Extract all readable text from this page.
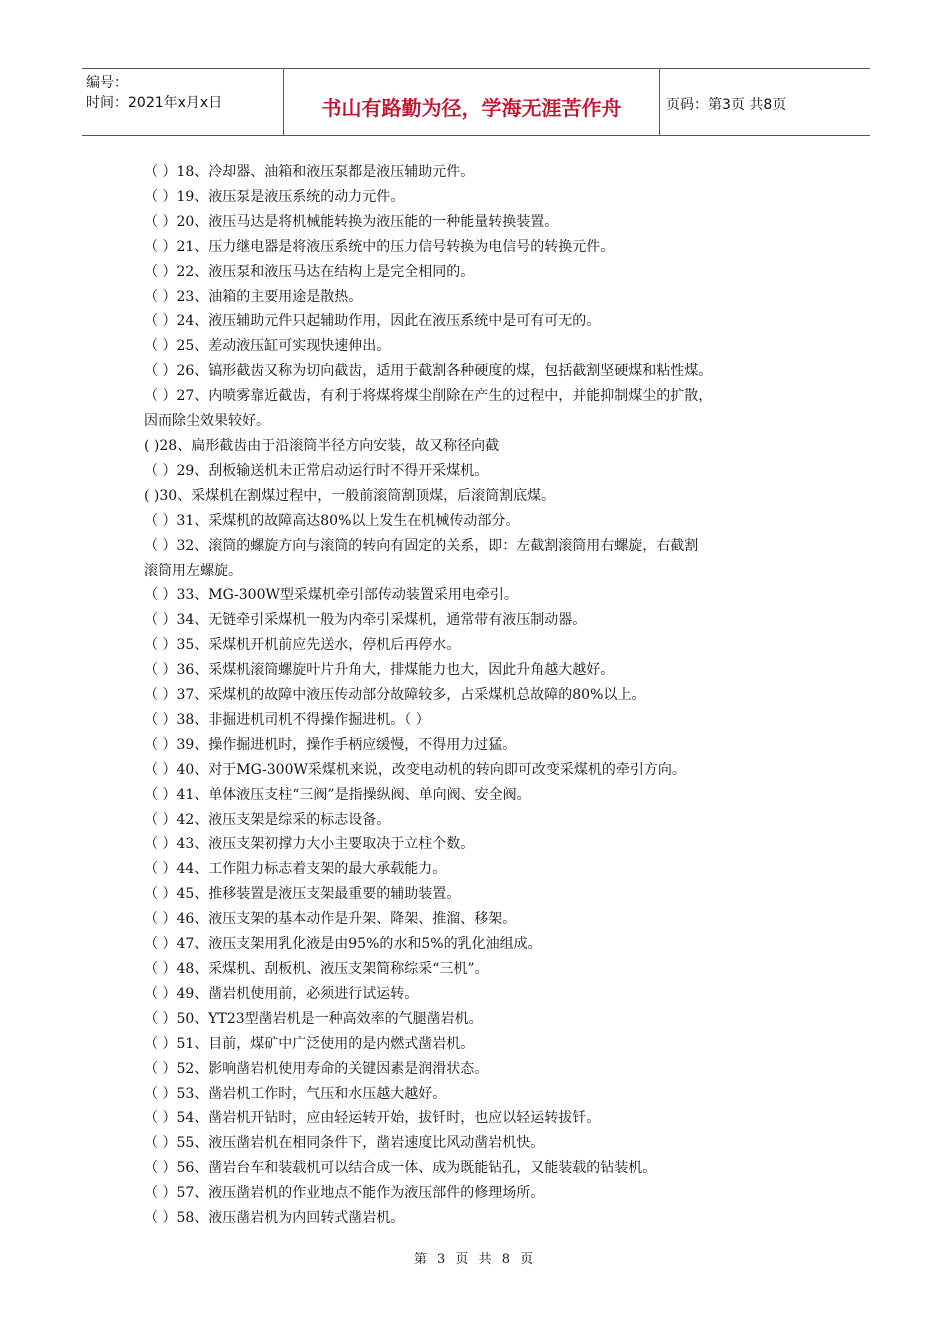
编号：
时间：2021年x月x日	书山有路勤为径，学海无涯苦作舟	页码：第3页 共8页
（ ）18、冷却器、油箱和液压泵都是液压辅助元件。
（ ）19、液压泵是液压系统的动力元件。
（ ）20、液压马达是将机械能转换为液压能的一种能量转换装置。
（ ）21、压力继电器是将液压系统中的压力信号转换为电信号的转换元件。
（ ）22、液压泵和液压马达在结构上是完全相同的。
（ ）23、油箱的主要用途是散热。
（ ）24、液压辅助元件只起辅助作用，因此在液压系统中是可有可无的。
（ ）25、差动液压缸可实现快速伸出。
（ ）26、镐形截齿又称为切向截齿，适用于截割各种硬度的煤，包括截割坚硬煤和粘性煤。
（ ）27、内喷雾靠近截齿，有利于将煤将煤尘削除在产生的过程中，并能抑制煤尘的扩散，
因而除尘效果较好。
( )28、扁形截齿由于沿滚筒半径方向安装，故又称径向截
（ ）29、刮板输送机未正常启动运行时不得开采煤机。
( )30、采煤机在割煤过程中，一般前滚筒割顶煤，后滚筒割底煤。
（ ）31、采煤机的故障高达80%以上发生在机械传动部分。
（ ）32、滚筒的螺旋方向与滚筒的转向有固定的关系，即：左截割滚筒用右螺旋，右截割
滚筒用左螺旋。
（ ）33、MG-300W型采煤机牵引部传动装置采用电牵引。
（ ）34、无链牵引采煤机一般为内牵引采煤机，通常带有液压制动器。
（ ）35、采煤机开机前应先送水，停机后再停水。
（ ）36、采煤机滚筒螺旋叶片升角大，排煤能力也大，因此升角越大越好。
（ ）37、采煤机的故障中液压传动部分故障较多，占采煤机总故障的80%以上。
（ ）38、非掘进机司机不得操作掘进机。（ ）
（ ）39、操作掘进机时，操作手柄应缓慢，不得用力过猛。
（ ）40、对于MG-300W采煤机来说，改变电动机的转向即可改变采煤机的牵引方向。
（ ）41、单体液压支柱“三阀”是指操纵阀、单向阀、安全阀。
（ ）42、液压支架是综采的标志设备。
（ ）43、液压支架初撑力大小主要取决于立柱个数。
（ ）44、工作阻力标志着支架的最大承载能力。
（ ）45、推移装置是液压支架最重要的辅助装置。
（ ）46、液压支架的基本动作是升架、降架、推溜、移架。
（ ）47、液压支架用乳化液是由95%的水和5%的乳化油组成。
（ ）48、采煤机、刮板机、液压支架简称综采“三机”。
（ ）49、凿岩机使用前，必须进行试运转。
（ ）50、YT23型凿岩机是一种高效率的气腿凿岩机。
（ ）51、目前，煤矿中广泛使用的是内燃式凿岩机。
（ ）52、影响凿岩机使用寿命的关键因素是润滑状态。
（ ）53、凿岩机工作时，气压和水压越大越好。
（ ）54、凿岩机开钻时，应由轻运转开始，拔钎时，也应以轻运转拔钎。
（ ）55、液压凿岩机在相同条件下，凿岩速度比风动凿岩机快。
（ ）56、凿岩台车和装载机可以结合成一体、成为既能钻孔，又能装载的钻装机。
（ ）57、液压凿岩机的作业地点不能作为液压部件的修理场所。
（ ）58、液压凿岩机为内回转式凿岩机。
第 3 页 共 8 页
